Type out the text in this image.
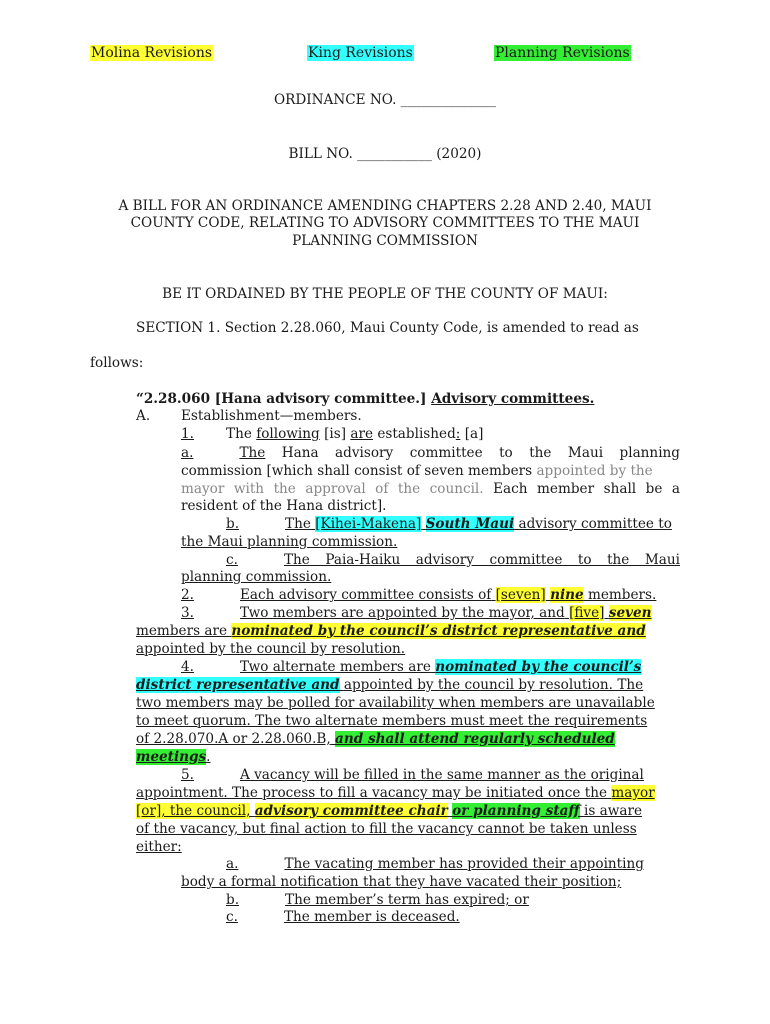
Molina Revisions	King Revisions	Planning Revisions
ORDINANCE NO. ______________
BILL NO. ___________ (2020)
A BILL FOR AN ORDINANCE AMENDING CHAPTERS 2.28 AND 2.40, MAUI
COUNTY CODE, RELATING TO ADVISORY COMMITTEES TO THE MAUI
PLANNING COMMISSION
BE IT ORDAINED BY THE PEOPLE OF THE COUNTY OF MAUI:
SECTION 1. Section 2.28.060, Maui County Code, is amended to read as
follows:
“2.28.060 [Hana advisory committee.] Advisory committees.
A. Establishment—members.
1. The following [is] are established: [a]
a.	The Hana advisory committee to the Maui planning
commission [which shall consist of seven members appointed by the
mayor with the approval of the council. Each member shall be a
resident of the Hana district].
b.	The [Kihei-Makena] South Maui advisory committee to
the Maui planning commission.
c.	The Paia-Haiku advisory committee to the Maui
planning commission.
2.	Each advisory committee consists of [seven] nine members.
3.	Two members are appointed by the mayor, and [five] seven
members are nominated by the council’s district representative and
appointed by the council by resolution.
4.	Two alternate members are nominated by the council’s
district representative and appointed by the council by resolution. The
two members may be polled for availability when members are unavailable
to meet quorum. The two alternate members must meet the requirements
of 2.28.070.A or 2.28.060.B, and shall attend regularly scheduled
meetings.
5.	A vacancy will be filled in the same manner as the original
appointment. The process to fill a vacancy may be initiated once the mayor
[or], the council, advisory committee chair or planning staff is aware
of the vacancy, but final action to fill the vacancy cannot be taken unless
either:
a.	The vacating member has provided their appointing
body a formal notification that they have vacated their position;
b.	The member’s term has expired; or
c.	The member is deceased.
